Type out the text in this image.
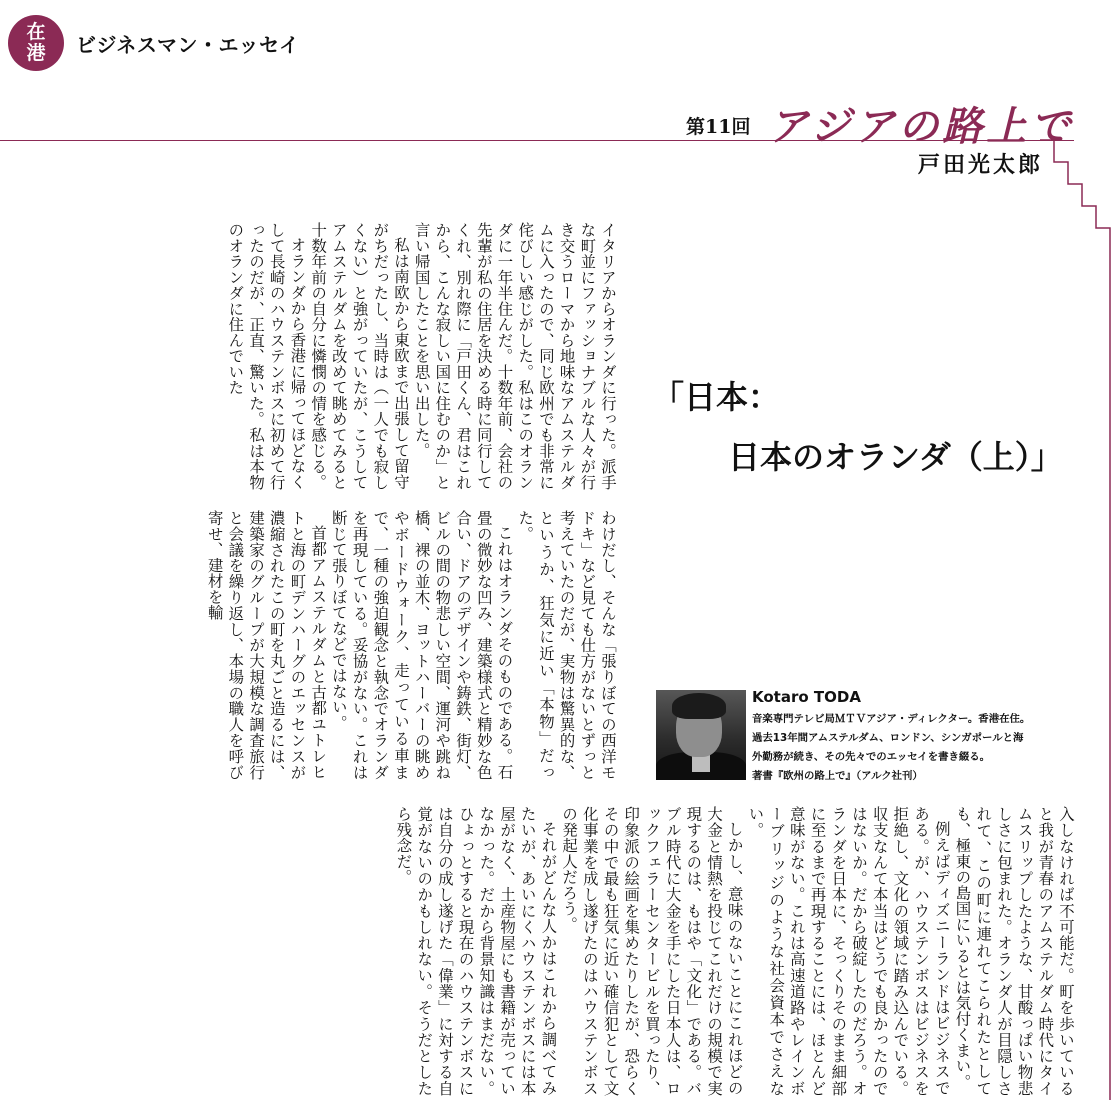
在
港 ビジネスマン・エッセイ
第11回 アジアの路上で
戸田光太郎

イタリアからオランダに行った。派手な町並にファッショナブルな人々が行き交うローマから地味なアムステルダムに入ったので、同じ欧州でも非常に侘びしい感じがした。私はこのオランダに一年半住んだ。十数年前、会社の先輩が私の住居を決める時に同行してくれ、別れ際に「戸田くん、君はこれから、こんな寂しい国に住むのか」と言い帰国したことを思い出した。

私は南欧から東欧まで出張して留守がちだったし、当時は（一人でも寂しくない）と強がっていたが、こうしてアムステルダムを改めて眺めてみると十数年前の自分に憐憫の情を感じる。

オランダから香港に帰ってほどなくして長崎のハウステンボスに初めて行ったのだが、正直、驚いた。私は本物のオランダに住んでいた

わけだし、そんな「張りぼての西洋モドキ」など見ても仕方がないとずっと考えていたのだが、実物は驚異的な、というか、狂気に近い「本物」だった。

これはオランダそのものである。石畳の微妙な凹み、建築様式と精妙な色合い、ドアのデザインや鋳鉄、街灯、ビルの間の物悲しい空間、運河や跳ね橋、裸の並木、ヨットハーバーの眺めやボードウォーク、走っている車まで、一種の強迫観念と執念でオランダを再現している。妥協がない。これは断じて張りぼてなどではない。

首都アムステルダムと古都ユトレヒトと海の町デンハーグのエッセンスが濃縮されたこの町を丸ごと造るには、建築家のグループが大規模な調査旅行と会議を繰り返し、本場の職人を呼び寄せ、建材を輸

入しなければ不可能だ。町を歩いていると我が青春のアムステルダム時代にタイムスリップしたような、甘酸っぱい物悲しさに包まれた。オランダ人が目隠しされて、この町に連れてこられたとしても、極東の島国にいるとは気付くまい。

例えばディズニーランドはビジネスである。が、ハウステンボスはビジネスを拒絶し、文化の領域に踏み込んでいる。収支なんて本当はどうでも良かったのではないか。だから破綻したのだろう。オランダを日本に、そっくりそのまま細部に至るまで再現することには、ほとんど意味がない。これは高速道路やレインボーブリッジのような社会資本でさえない。

しかし、意味のないことにこれほどの大金と情熱を投じてこれだけの規模で実現するのは、もはや「文化」である。バブル時代に大金を手にした日本人は、ロックフェラーセンタービルを買ったり、印象派の絵画を集めたりしたが、恐らくその中で最も狂気に近い確信犯として文化事業を成し遂げたのはハウステンボスの発起人だろう。

それがどんな人かはこれから調べてみたいが、あいにくハウステンボスには本屋がなく、土産物屋にも書籍が売っていなかった。だから背景知識はまだない。ひょっとすると現在のハウステンボスには自分の成し遂げた「偉業」に対する自覚がないのかもしれない。そうだとしたら残念だ。

「日本：
日本のオランダ（上）」
Kotaro TODA
音楽専門テレビ局ＭＴＶアジア・ディレクター。香港在住。
過去13年間アムステルダム、ロンドン、シンガポールと海
外勤務が続き、その先々でのエッセイを書き綴る。
著書『欧州の路上で』（アルク社刊）
